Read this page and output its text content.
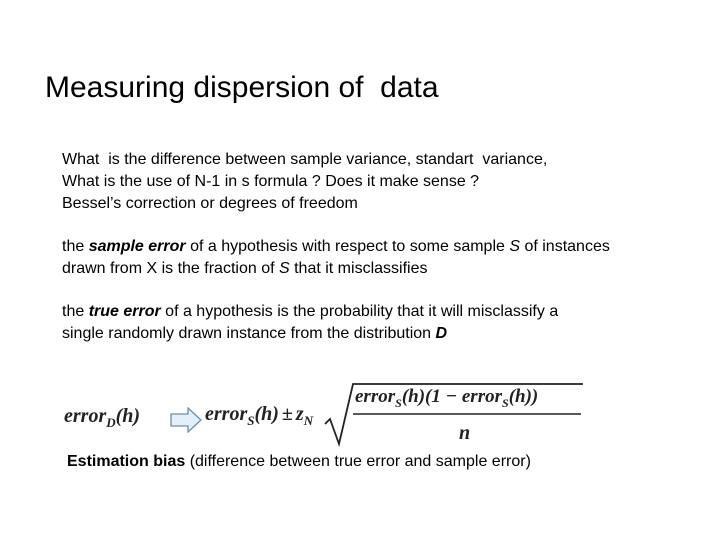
Measuring dispersion of  data
What  is the difference between sample variance, standart  variance,
What is the use of N-1 in s formula ? Does it make sense ?
Bessel’s correction or degrees of freedom
the sample error of a hypothesis with respect to some sample S of instances
drawn from X is the fraction of S that it misclassifies
the true error of a hypothesis is the probability that it will misclassify a
single randomly drawn instance from the distribution D
error$_D$(h)	error$_S$(h) ± $z_N$
error$_S$(h)(1 − error$_S$(h))
n
Estimation bias (difference between true error and sample error)
